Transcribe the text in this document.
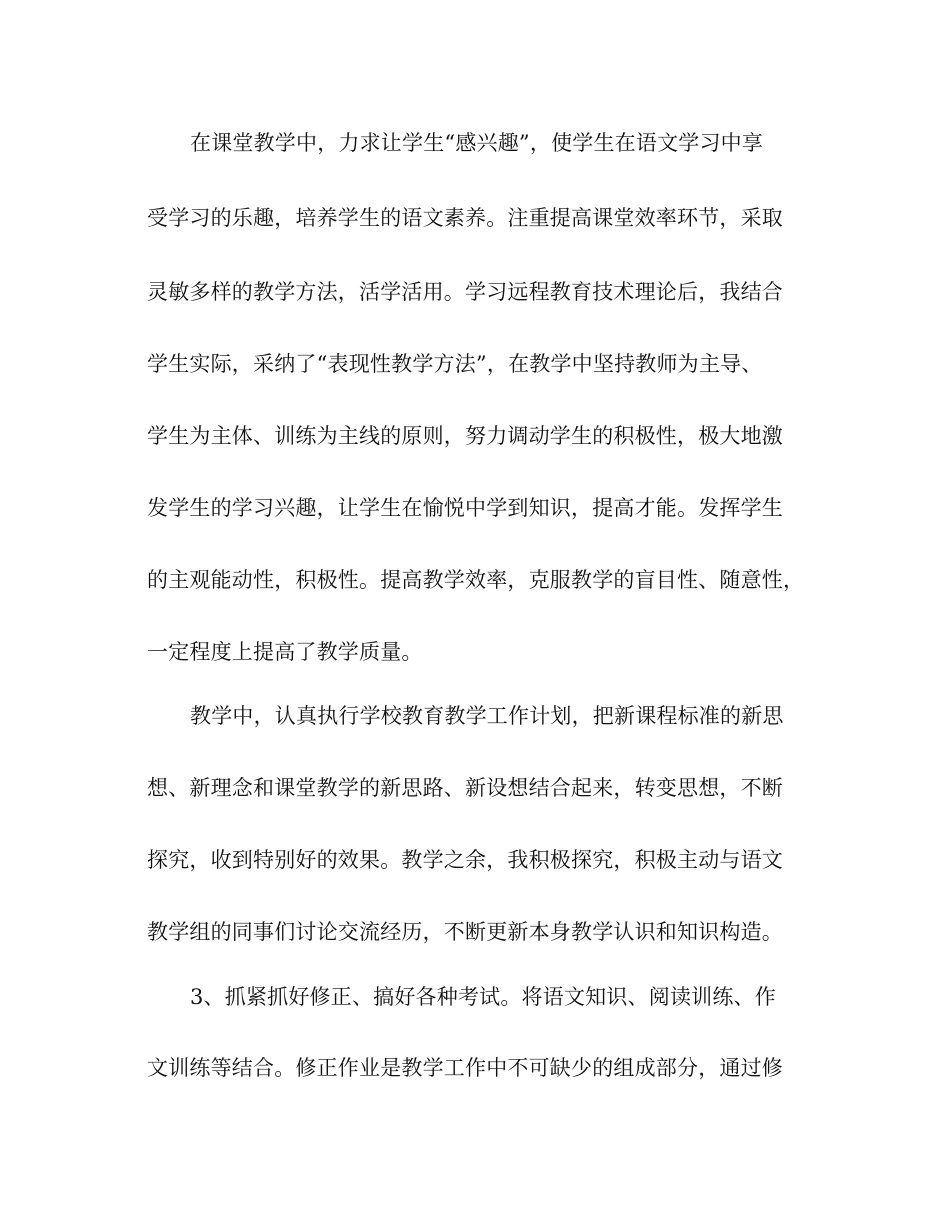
在课堂教学中，力求让学生“感兴趣”，使学生在语文学习中享
受学习的乐趣，培养学生的语文素养。注重提高课堂效率环节，采取
灵敏多样的教学方法，活学活用。学习远程教育技术理论后，我结合
学生实际，采纳了“表现性教学方法”，在教学中坚持教师为主导、
学生为主体、训练为主线的原则，努力调动学生的积极性，极大地激
发学生的学习兴趣，让学生在愉悦中学到知识，提高才能。发挥学生
的主观能动性，积极性。提高教学效率，克服教学的盲目性、随意性，
一定程度上提高了教学质量。
教学中，认真执行学校教育教学工作计划，把新课程标准的新思
想、新理念和课堂教学的新思路、新设想结合起来，转变思想，不断
探究，收到特别好的效果。教学之余，我积极探究，积极主动与语文
教学组的同事们讨论交流经历，不断更新本身教学认识和知识构造。
3、抓紧抓好修正、搞好各种考试。将语文知识、阅读训练、作
文训练等结合。修正作业是教学工作中不可缺少的组成部分，通过修
